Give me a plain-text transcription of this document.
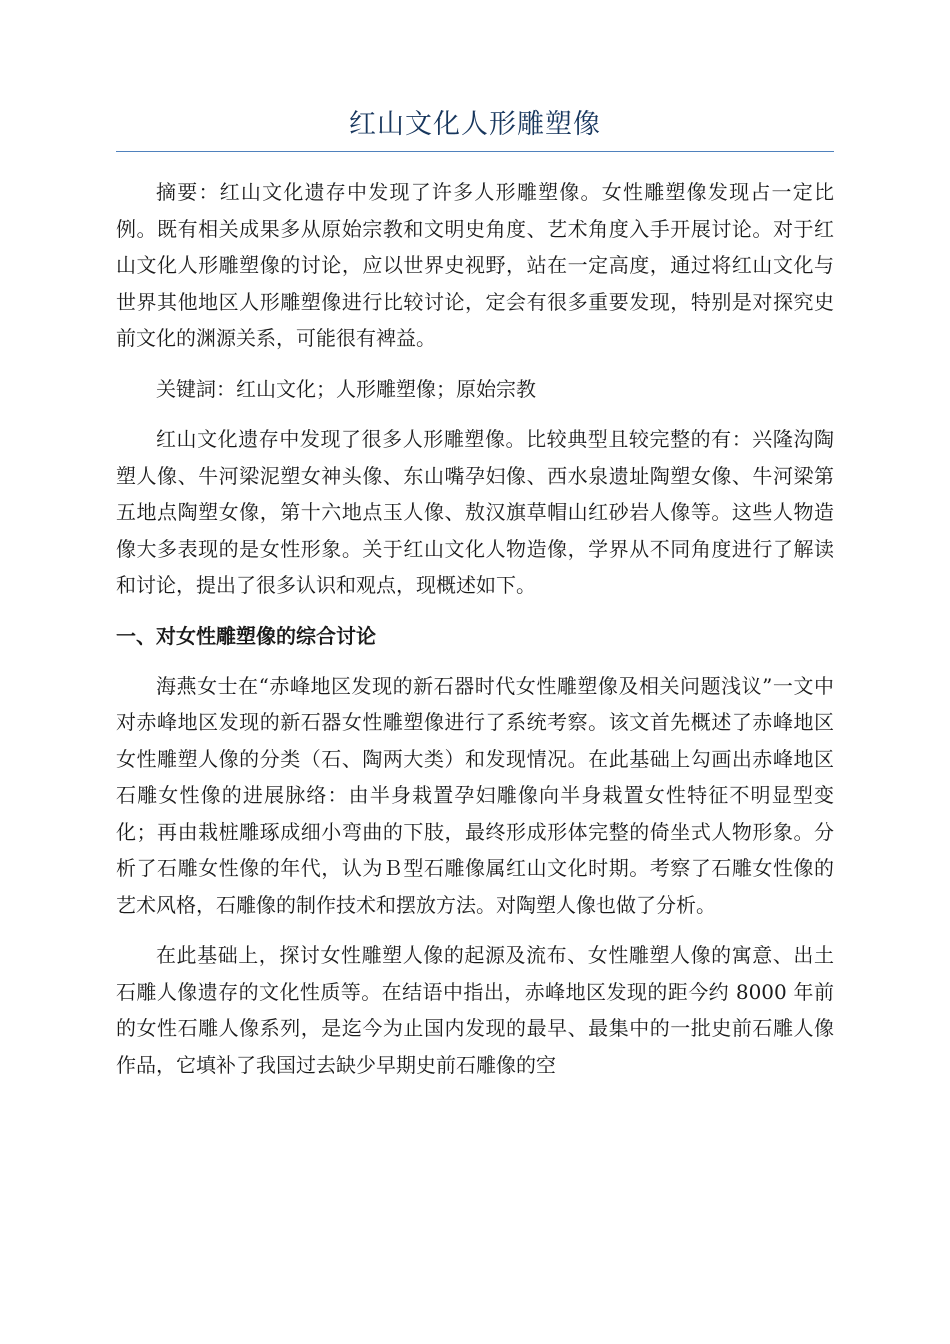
红山文化人形雕塑像

摘要：红山文化遗存中发现了许多人形雕塑像。女性雕塑像发现占一定比例。既有相关成果多从原始宗教和文明史角度、艺术角度入手开展讨论。对于红山文化人形雕塑像的讨论，应以世界史视野，站在一定高度，通过将红山文化与世界其他地区人形雕塑像进行比较讨论，定会有很多重要发现，特别是对探究史前文化的渊源关系，可能很有裨益。

关键詞：红山文化；人形雕塑像；原始宗教

红山文化遗存中发现了很多人形雕塑像。比较典型且较完整的有：兴隆沟陶塑人像、牛河梁泥塑女神头像、东山嘴孕妇像、西水泉遗址陶塑女像、牛河梁第五地点陶塑女像，第十六地点玉人像、敖汉旗草帽山红砂岩人像等。这些人物造像大多表现的是女性形象。关于红山文化人物造像，学界从不同角度进行了解读和讨论，提出了很多认识和观点，现概述如下。

一、对女性雕塑像的综合讨论

海燕女士在“赤峰地区发现的新石器时代女性雕塑像及相关问题浅议”一文中对赤峰地区发现的新石器女性雕塑像进行了系统考察。该文首先概述了赤峰地区女性雕塑人像的分类（石、陶两大类）和发现情况。在此基础上勾画出赤峰地区石雕女性像的进展脉络：由半身栽置孕妇雕像向半身栽置女性特征不明显型变化；再由栽桩雕琢成细小弯曲的下肢，最终形成形体完整的倚坐式人物形象。分析了石雕女性像的年代，认为Ｂ型石雕像属红山文化时期。考察了石雕女性像的艺术风格，石雕像的制作技术和摆放方法。对陶塑人像也做了分析。

在此基础上，探讨女性雕塑人像的起源及流布、女性雕塑人像的寓意、出土石雕人像遗存的文化性质等。在结语中指出，赤峰地区发现的距今约 8000 年前的女性石雕人像系列，是迄今为止国内发现的最早、最集中的一批史前石雕人像作品，它填补了我国过去缺少早期史前石雕像的空
